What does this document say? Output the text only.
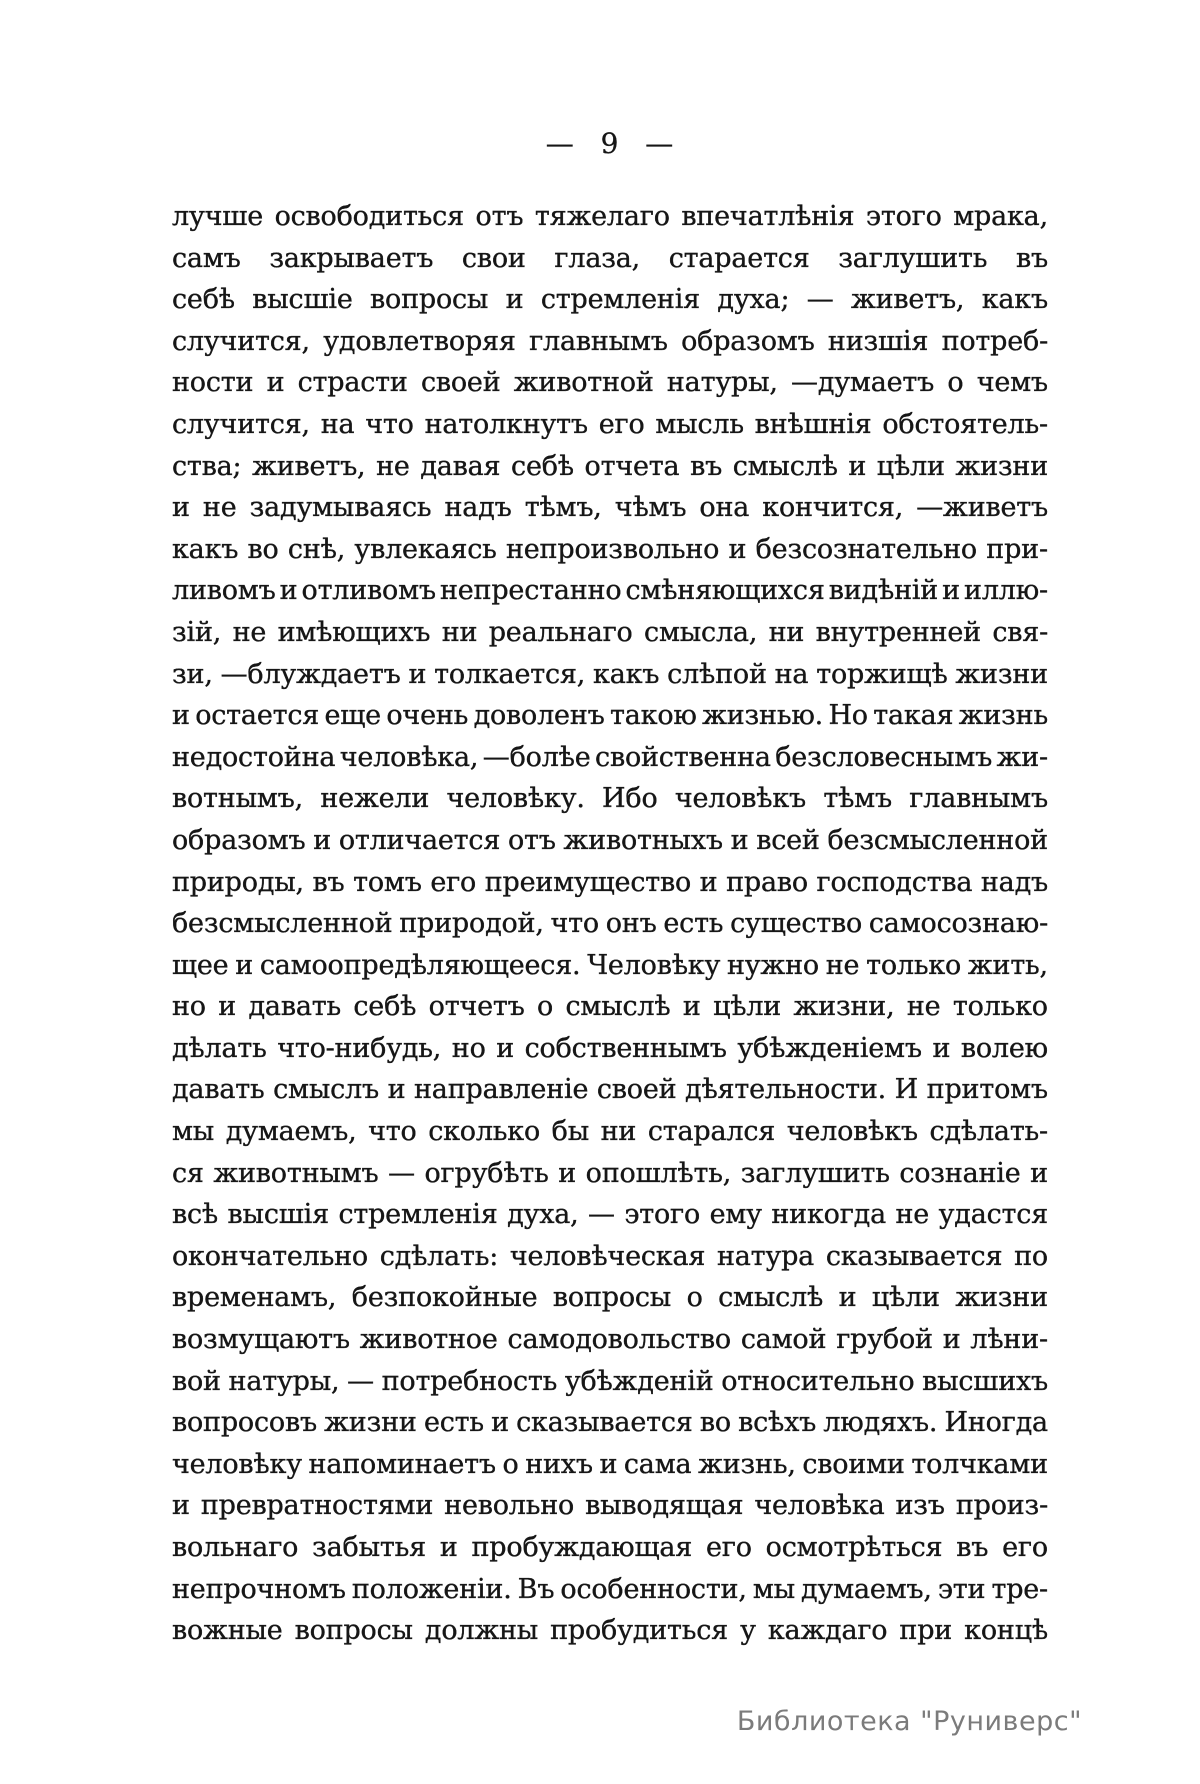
— 9 —
лучше освободиться отъ тяжелаго впечатлѣнія этого мрака,
самъ закрываетъ свои глаза, старается заглушить въ
себѣ высшіе вопросы и стремленія духа; — живетъ, какъ
случится, удовлетворяя главнымъ образомъ низшія потреб-
ности и страсти своей животной натуры, —думаетъ о чемъ
случится, на что натолкнутъ его мысль внѣшнія обстоятель-
ства; живетъ, не давая себѣ отчета въ смыслѣ и цѣли жизни
и не задумываясь надъ тѣмъ, чѣмъ она кончится, —живетъ
какъ во снѣ, увлекаясь непроизвольно и безсознательно при-
ливомъ и отливомъ непрестанно смѣняющихся видѣній и иллю-
зій, не имѣющихъ ни реальнаго смысла, ни внутренней свя-
зи, —блуждаетъ и толкается, какъ слѣпой на торжищѣ жизни
и остается еще очень доволенъ такою жизнью. Но такая жизнь
недостойна человѣка, —болѣе свойственна безсловеснымъ жи-
вотнымъ, нежели человѣку. Ибо человѣкъ тѣмъ главнымъ
образомъ и отличается отъ животныхъ и всей безсмысленной
природы, въ томъ его преимущество и право господства надъ
безсмысленной природой, что онъ есть существо самосознаю-
щее и самоопредѣляющееся. Человѣку нужно не только жить,
но и давать себѣ отчетъ о смыслѣ и цѣли жизни, не только
дѣлать что-нибудь, но и собственнымъ убѣжденіемъ и волею
давать смыслъ и направленіе своей дѣятельности. И притомъ
мы думаемъ, что сколько бы ни старался человѣкъ сдѣлать-
ся животнымъ — огрубѣть и опошлѣть, заглушить сознаніе и
всѣ высшія стремленія духа, — этого ему никогда не удастся
окончательно сдѣлать: человѣческая натура сказывается по
временамъ, безпокойные вопросы о смыслѣ и цѣли жизни
возмущаютъ животное самодовольство самой грубой и лѣни-
вой натуры, — потребность убѣжденій относительно высшихъ
вопросовъ жизни есть и сказывается во всѣхъ людяхъ. Иногда
человѣку напоминаетъ о нихъ и сама жизнь, своими толчками
и превратностями невольно выводящая человѣка изъ произ-
вольнаго забытья и пробуждающая его осмотрѣться въ его
непрочномъ положеніи. Въ особенности, мы думаемъ, эти тре-
вожные вопросы должны пробудиться у каждаго при концѣ
Библиотека "Руниверс"
